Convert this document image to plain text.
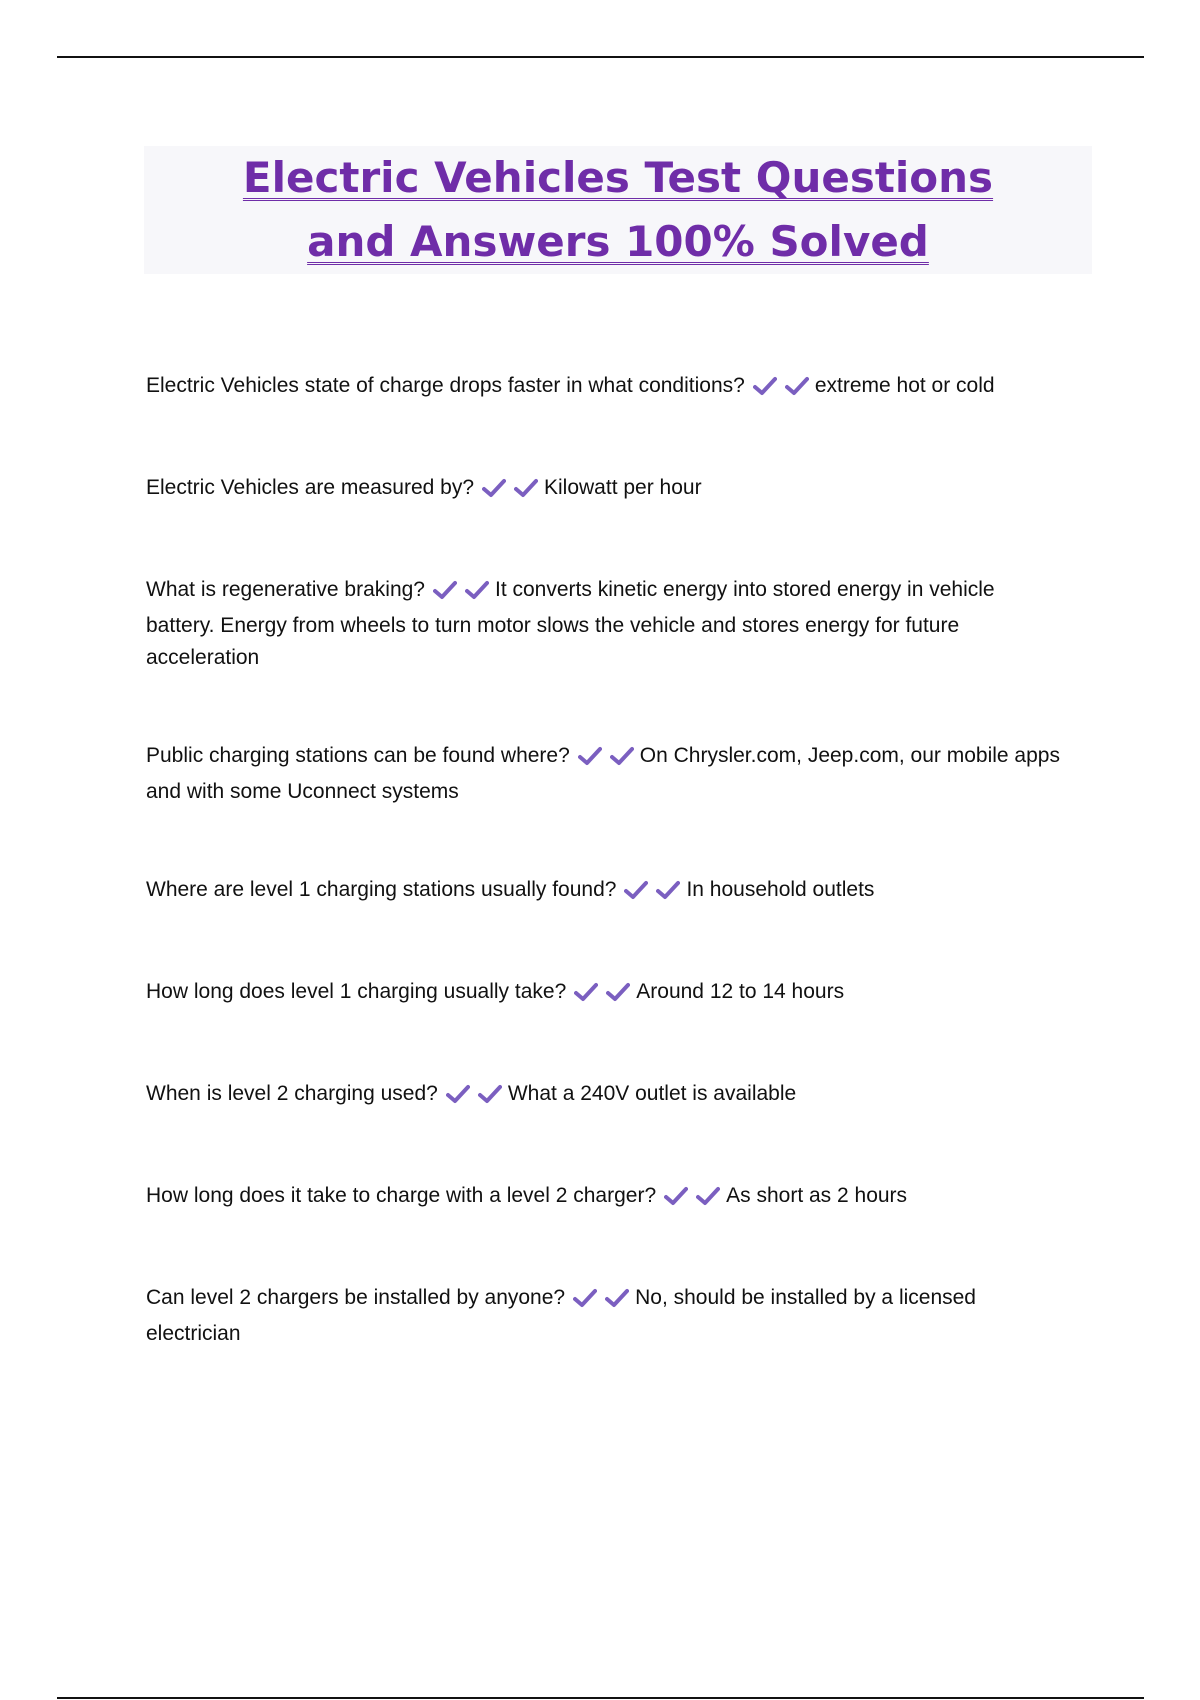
Electric Vehicles Test Questions and Answers 100% Solved

Electric Vehicles state of charge drops faster in what conditions?	extreme hot or cold

Electric Vehicles are measured by?	Kilowatt per hour

What is regenerative braking?	It converts kinetic energy into stored energy in vehicle battery. Energy from wheels to turn motor slows the vehicle and stores energy for future acceleration

Public charging stations can be found where?	On Chrysler.com, Jeep.com, our mobile apps and with some Uconnect systems

Where are level 1 charging stations usually found?	In household outlets

How long does level 1 charging usually take?	Around 12 to 14 hours

When is level 2 charging used?	What a 240V outlet is available

How long does it take to charge with a level 2 charger?	As short as 2 hours

Can level 2 chargers be installed by anyone?	No, should be installed by a licensed electrician
